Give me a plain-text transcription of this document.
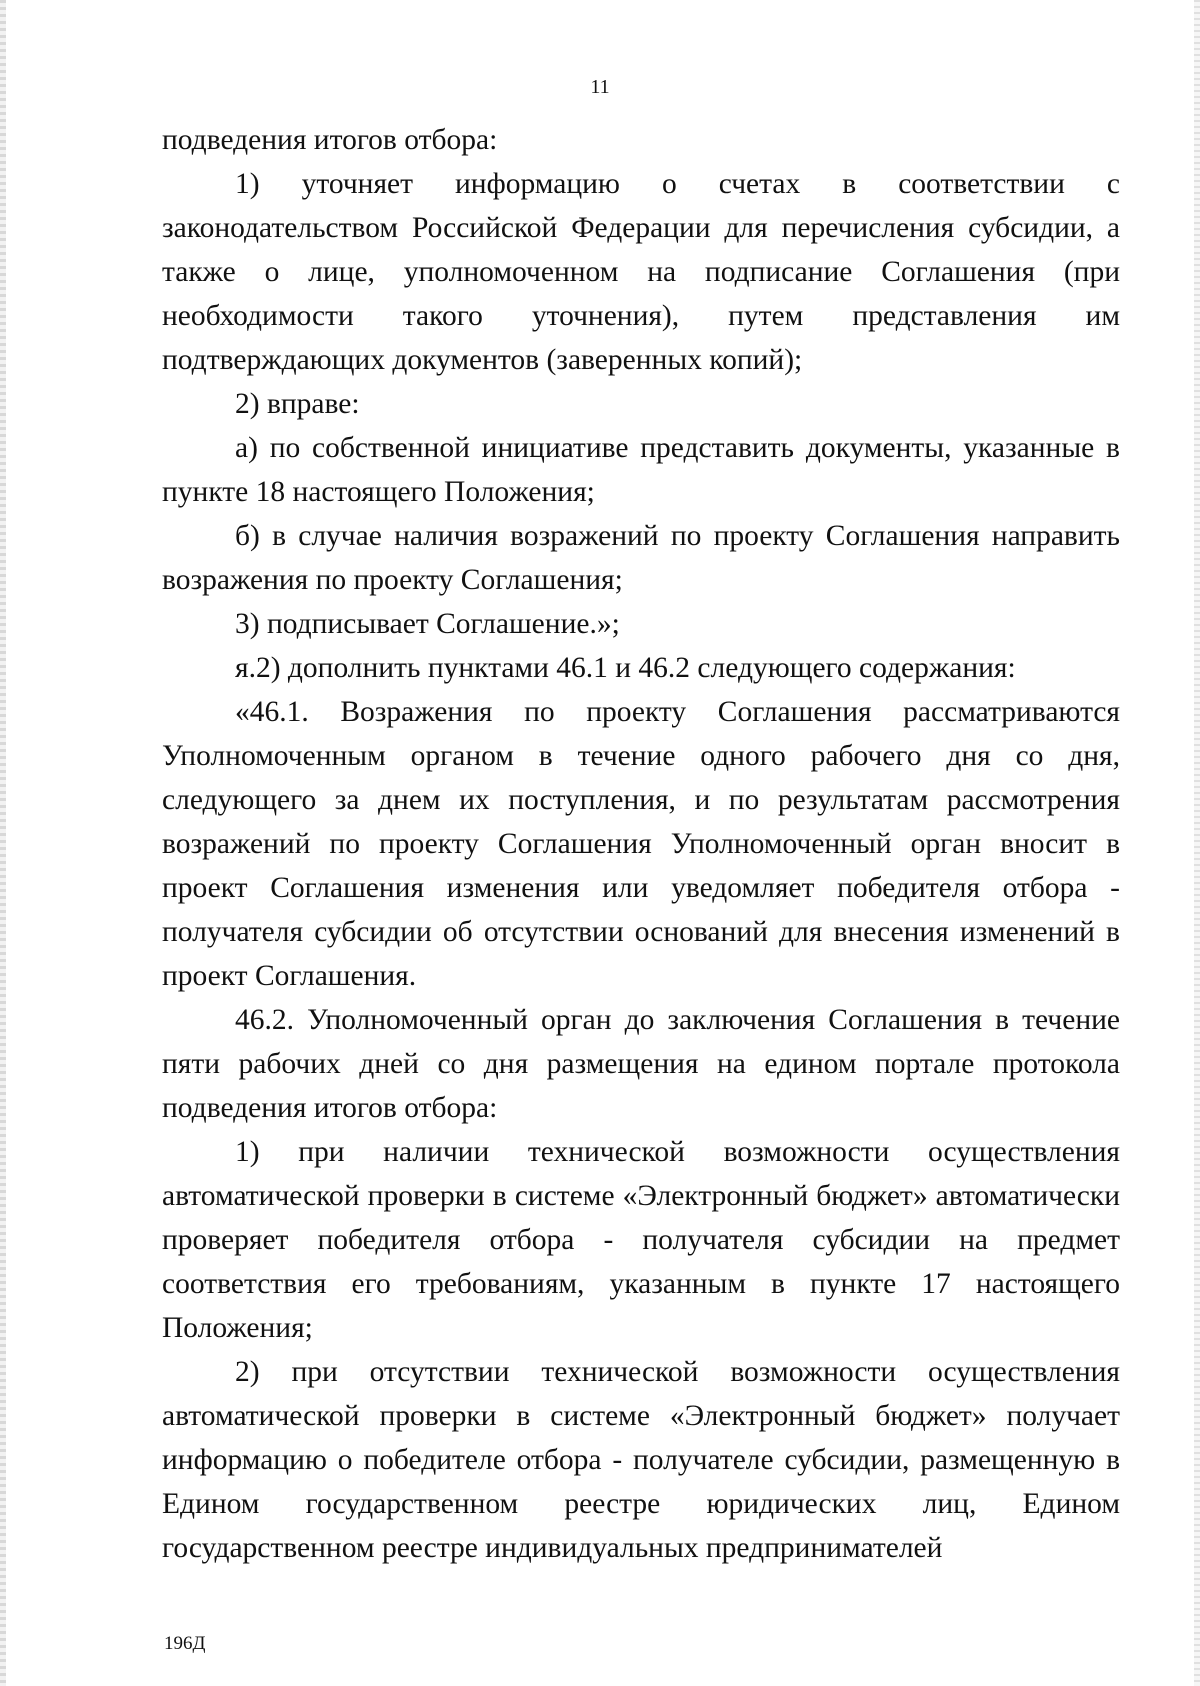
11

подведения итогов отбора:

1) уточняет информацию о счетах в соответствии с законодательством Российской Федерации для перечисления субсидии, а также о лице, уполномоченном на подписание Соглашения (при необходимости такого уточнения), путем представления им подтверждающих документов (заверенных копий);

2) вправе:

а) по собственной инициативе представить документы, указанные в пункте 18 настоящего Положения;

б) в случае наличия возражений по проекту Соглашения направить возражения по проекту Соглашения;

3) подписывает Соглашение.»;

я.2) дополнить пунктами 46.1 и 46.2 следующего содержания:

«46.1. Возражения по проекту Соглашения рассматриваются Уполномоченным органом в течение одного рабочего дня со дня, следующего за днем их поступления, и по результатам рассмотрения возражений по проекту Соглашения Уполномоченный орган вносит в проект Соглашения изменения или уведомляет победителя отбора - получателя субсидии об отсутствии оснований для внесения изменений в проект Соглашения.

46.2. Уполномоченный орган до заключения Соглашения в течение пяти рабочих дней со дня размещения на едином портале протокола подведения итогов отбора:

1) при наличии технической возможности осуществления автоматической проверки в системе «Электронный бюджет» автоматически проверяет победителя отбора - получателя субсидии на предмет соответствия его требованиям, указанным в пункте 17 настоящего Положения;

2) при отсутствии технической возможности осуществления автоматической проверки в системе «Электронный бюджет» получает информацию о победителе отбора - получателе субсидии, размещенную в Едином государственном реестре юридических лиц, Едином государственном реестре индивидуальных предпринимателей

196Д
